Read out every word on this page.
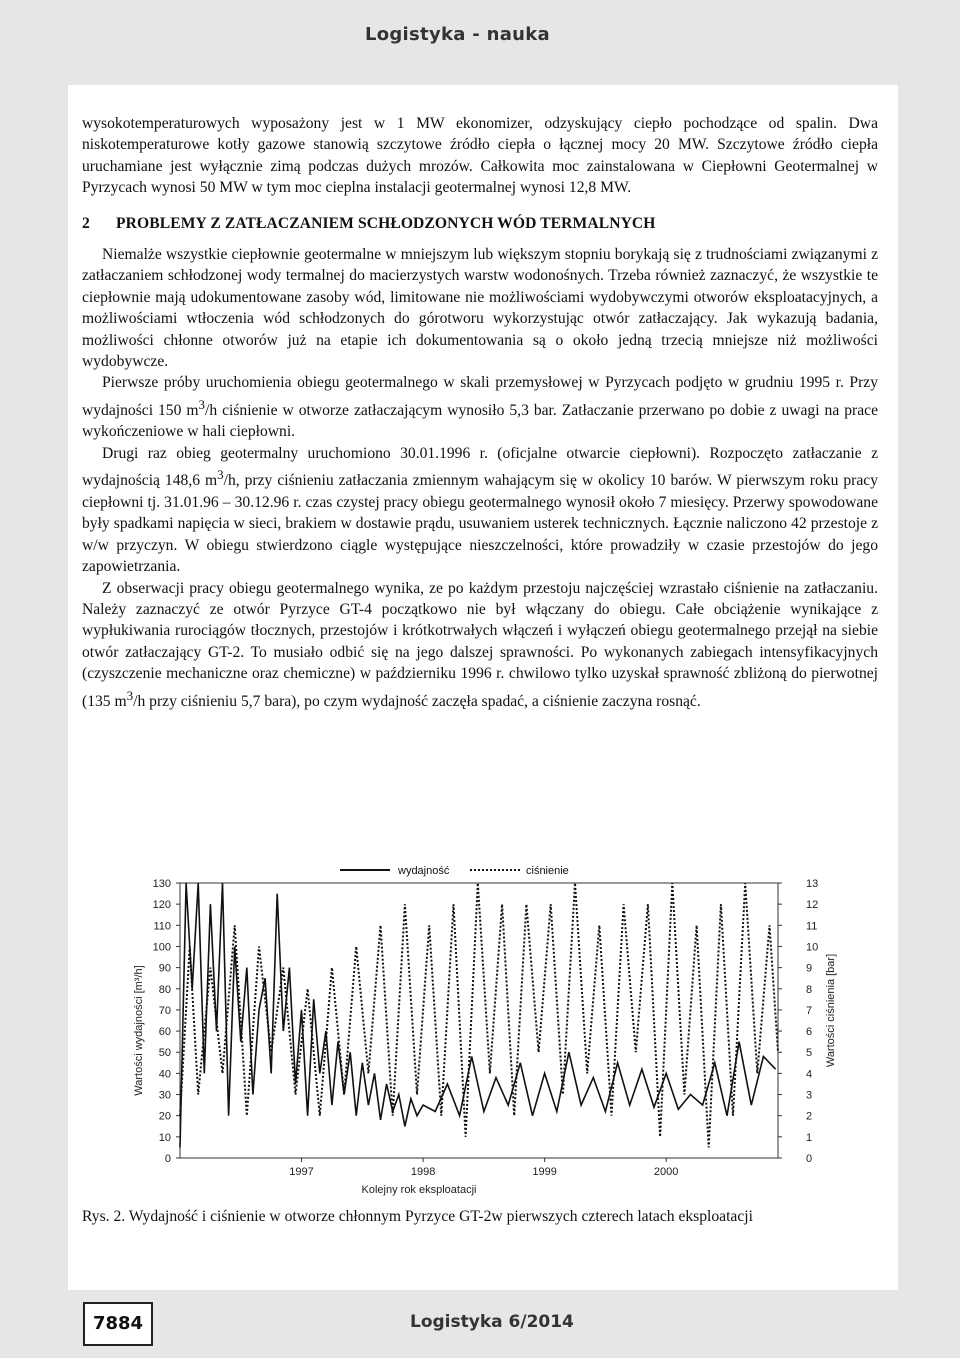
Logistyka - nauka

wysokotemperaturowych wyposażony jest w 1 MW ekonomizer, odzyskujący ciepło pochodzące od spalin. Dwa niskotemperaturowe kotły gazowe stanowią szczytowe źródło ciepła o łącznej mocy 20 MW. Szczytowe źródło ciepła uruchamiane jest wyłącznie zimą podczas dużych mrozów. Całkowita moc zainstalowana w Ciepłowni Geotermalnej w Pyrzycach wynosi 50 MW w tym moc cieplna instalacji geotermalnej wynosi 12,8 MW.

2 PROBLEMY Z ZATŁACZANIEM SCHŁODZONYCH WÓD TERMALNYCH

Niemalże wszystkie ciepłownie geotermalne w mniejszym lub większym stopniu borykają się z trudnościami związanymi z zatłaczaniem schłodzonej wody termalnej do macierzystych warstw wodonośnych. Trzeba również zaznaczyć, że wszystkie te ciepłownie mają udokumentowane zasoby wód, limitowane nie możliwościami wydobywczymi otworów eksploatacyjnych, a możliwościami wtłoczenia wód schłodzonych do górotworu wykorzystując otwór zatłaczający. Jak wykazują badania, możliwości chłonne otworów już na etapie ich dokumentowania są o około jedną trzecią mniejsze niż możliwości wydobywcze.

Pierwsze próby uruchomienia obiegu geotermalnego w skali przemysłowej w Pyrzycach podjęto w grudniu 1995 r. Przy wydajności 150 $m^3/h$ ciśnienie w otworze zatłaczającym wynosiło 5,3 bar. Zatłaczanie przerwano po dobie z uwagi na prace wykończeniowe w hali ciepłowni.

Drugi raz obieg geotermalny uruchomiono 30.01.1996 r. (oficjalne otwarcie ciepłowni). Rozpoczęto zatłaczanie z wydajnością 148,6 $m^3/h$, przy ciśnieniu zatłaczania zmiennym wahającym się w okolicy 10 barów. W pierwszym roku pracy ciepłowni tj. 31.01.96 – 30.12.96 r. czas czystej pracy obiegu geotermalnego wynosił około 7 miesięcy. Przerwy spowodowane były spadkami napięcia w sieci, brakiem w dostawie prądu, usuwaniem usterek technicznych. Łącznie naliczono 42 przestoje z w/w przyczyn. W obiegu stwierdzono ciągle występujące nieszczelności, które prowadziły w czasie przestojów do jego zapowietrzania.

Z obserwacji pracy obiegu geotermalnego wynika, ze po każdym przestoju najczęściej wzrastało ciśnienie na zatłaczaniu. Należy zaznaczyć ze otwór Pyrzyce GT-4 początkowo nie był włączany do obiegu. Całe obciążenie wynikające z wypłukiwania rurociągów tłocznych, przestojów i krótkotrwałych włączeń i wyłączeń obiegu geotermalnego przejął na siebie otwór zatłaczający GT-2. To musiało odbić się na jego dalszej sprawności. Po wykonanych zabiegach intensyfikacyjnych (czyszczenie mechaniczne oraz chemiczne) w październiku 1996 r. chwilowo tylko uzyskał sprawność zbliżoną do pierwotnej (135 $m^3/h$ przy ciśnieniu 5,7 bara), po czym wydajność zaczęła spadać, a ciśnienie zaczyna rosnąć.

0
10
20
30
40
50
60
70
80
90
100
110
120
130
0
1
2
3
4
5
6
7
8
9
10
11
12
13
1997	1998	1999	2000
Kolejny rok eksploatacji
Wartości wydajności [m³/h]	Wartości ciśnienia [bar]
wydajność	ciśnienie
Rys. 2. Wydajność i ciśnienie w otworze chłonnym Pyrzyce GT-2w pierwszych czterech latach eksploatacji
7884	Logistyka 6/2014
